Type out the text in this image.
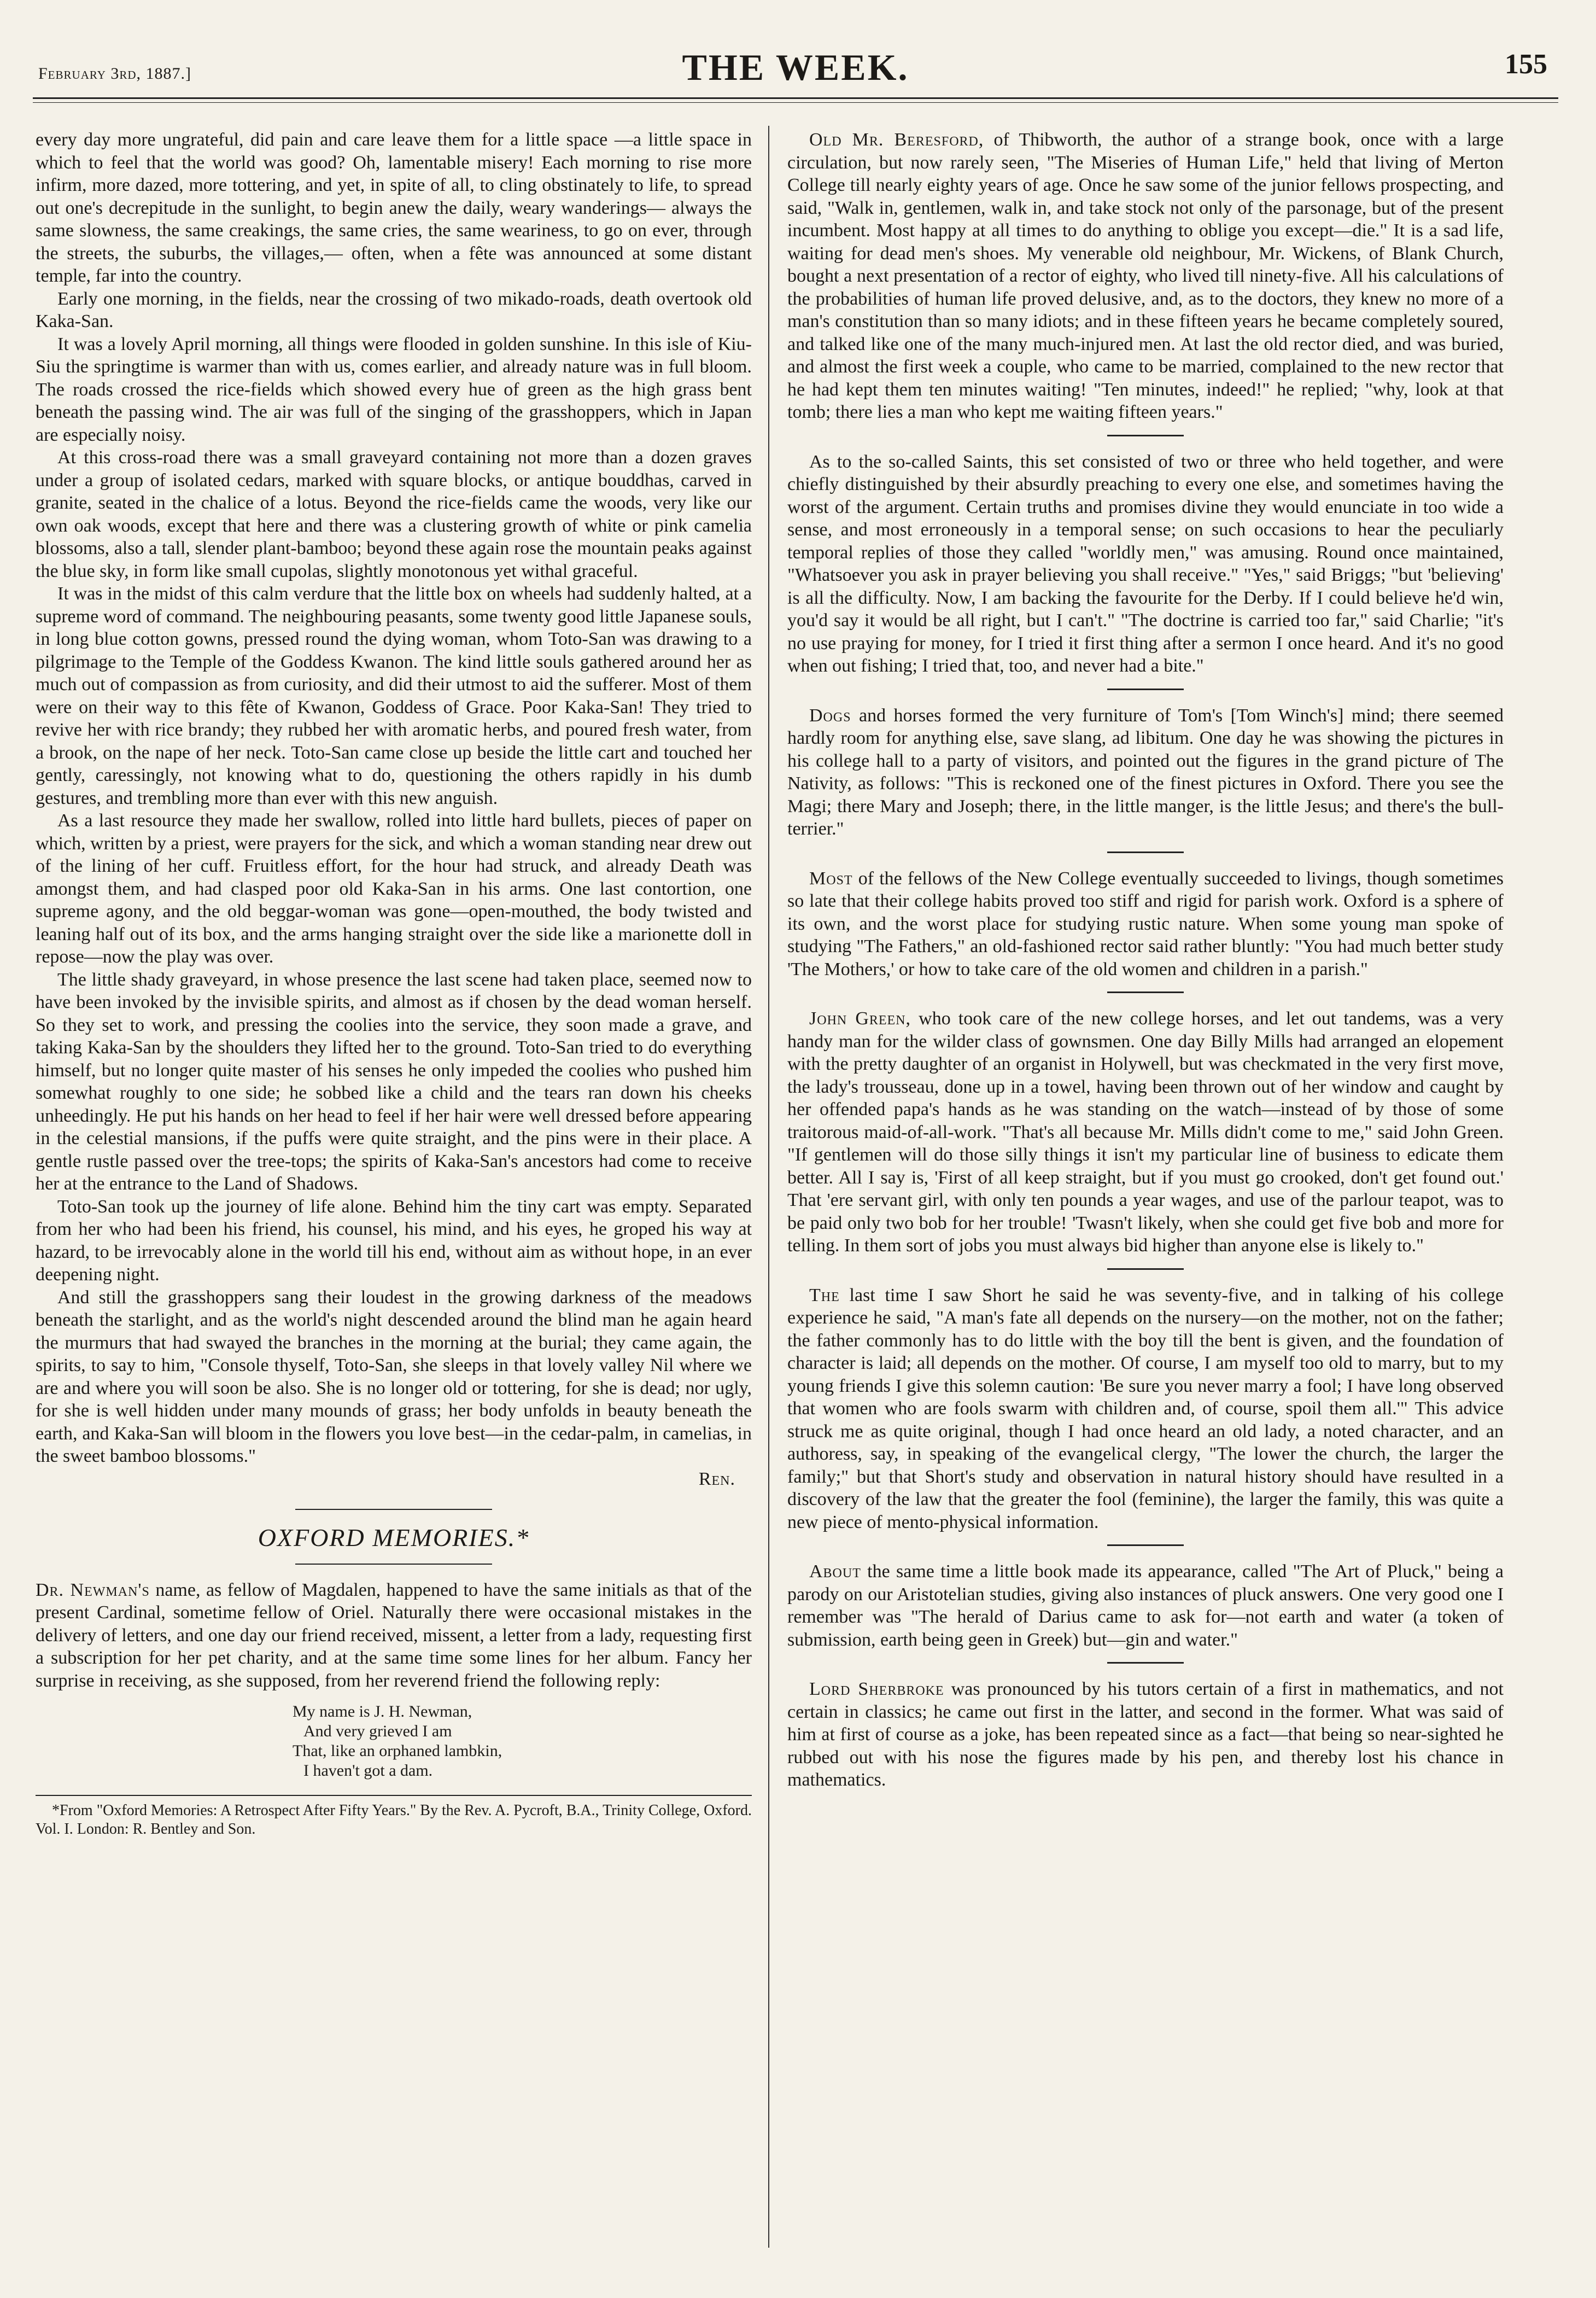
February 3rd, 1887.]	THE WEEK.	155

every day more ungrateful, did pain and care leave them for a little space —a little space in which to feel that the world was good? Oh, lamentable misery! Each morning to rise more infirm, more dazed, more tottering, and yet, in spite of all, to cling obstinately to life, to spread out one's decrepitude in the sunlight, to begin anew the daily, weary wanderings— always the same slowness, the same creakings, the same cries, the same weariness, to go on ever, through the streets, the suburbs, the villages,— often, when a fête was announced at some distant temple, far into the country.

Early one morning, in the fields, near the crossing of two mikado-roads, death overtook old Kaka-San.

It was a lovely April morning, all things were flooded in golden sunshine. In this isle of Kiu-Siu the springtime is warmer than with us, comes earlier, and already nature was in full bloom. The roads crossed the rice-fields which showed every hue of green as the high grass bent beneath the passing wind. The air was full of the singing of the grasshoppers, which in Japan are especially noisy.

At this cross-road there was a small graveyard containing not more than a dozen graves under a group of isolated cedars, marked with square blocks, or antique bouddhas, carved in granite, seated in the chalice of a lotus. Beyond the rice-fields came the woods, very like our own oak woods, except that here and there was a clustering growth of white or pink camelia blossoms, also a tall, slender plant-bamboo; beyond these again rose the mountain peaks against the blue sky, in form like small cupolas, slightly monotonous yet withal graceful.

It was in the midst of this calm verdure that the little box on wheels had suddenly halted, at a supreme word of command. The neighbouring peasants, some twenty good little Japanese souls, in long blue cotton gowns, pressed round the dying woman, whom Toto-San was drawing to a pilgrimage to the Temple of the Goddess Kwanon. The kind little souls gathered around her as much out of compassion as from curiosity, and did their utmost to aid the sufferer. Most of them were on their way to this fête of Kwanon, Goddess of Grace. Poor Kaka-San! They tried to revive her with rice brandy; they rubbed her with aromatic herbs, and poured fresh water, from a brook, on the nape of her neck. Toto-San came close up beside the little cart and touched her gently, caressingly, not knowing what to do, questioning the others rapidly in his dumb gestures, and trembling more than ever with this new anguish.

As a last resource they made her swallow, rolled into little hard bullets, pieces of paper on which, written by a priest, were prayers for the sick, and which a woman standing near drew out of the lining of her cuff. Fruitless effort, for the hour had struck, and already Death was amongst them, and had clasped poor old Kaka-San in his arms. One last contortion, one supreme agony, and the old beggar-woman was gone—open-mouthed, the body twisted and leaning half out of its box, and the arms hanging straight over the side like a marionette doll in repose—now the play was over.

The little shady graveyard, in whose presence the last scene had taken place, seemed now to have been invoked by the invisible spirits, and almost as if chosen by the dead woman herself. So they set to work, and pressing the coolies into the service, they soon made a grave, and taking Kaka-San by the shoulders they lifted her to the ground. Toto-San tried to do everything himself, but no longer quite master of his senses he only impeded the coolies who pushed him somewhat roughly to one side; he sobbed like a child and the tears ran down his cheeks unheedingly. He put his hands on her head to feel if her hair were well dressed before appearing in the celestial mansions, if the puffs were quite straight, and the pins were in their place. A gentle rustle passed over the tree-tops; the spirits of Kaka-San's ancestors had come to receive her at the entrance to the Land of Shadows.

Toto-San took up the journey of life alone. Behind him the tiny cart was empty. Separated from her who had been his friend, his counsel, his mind, and his eyes, he groped his way at hazard, to be irrevocably alone in the world till his end, without aim as without hope, in an ever deepening night.

And still the grasshoppers sang their loudest in the growing darkness of the meadows beneath the starlight, and as the world's night descended around the blind man he again heard the murmurs that had swayed the branches in the morning at the burial; they came again, the spirits, to say to him, "Console thyself, Toto-San, she sleeps in that lovely valley Nil where we are and where you will soon be also. She is no longer old or tottering, for she is dead; nor ugly, for she is well hidden under many mounds of grass; her body unfolds in beauty beneath the earth, and Kaka-San will bloom in the flowers you love best—in the cedar-palm, in camelias, in the sweet bamboo blossoms."

Ren.
OXFORD MEMORIES.*

Dr. Newman's name, as fellow of Magdalen, happened to have the same initials as that of the present Cardinal, sometime fellow of Oriel. Naturally there were occasional mistakes in the delivery of letters, and one day our friend received, missent, a letter from a lady, requesting first a subscription for her pet charity, and at the same time some lines for her album. Fancy her surprise in receiving, as she supposed, from her reverend friend the following reply:

My name is J. H. Newman,
And very grieved I am
That, like an orphaned lambkin,
I haven't got a dam.

*From "Oxford Memories: A Retrospect After Fifty Years." By the Rev. A. Pycroft, B.A., Trinity College, Oxford. Vol. I. London: R. Bentley and Son.

Old Mr. Beresford, of Thibworth, the author of a strange book, once with a large circulation, but now rarely seen, "The Miseries of Human Life," held that living of Merton College till nearly eighty years of age. Once he saw some of the junior fellows prospecting, and said, "Walk in, gentlemen, walk in, and take stock not only of the parsonage, but of the present incumbent. Most happy at all times to do anything to oblige you except—die." It is a sad life, waiting for dead men's shoes. My venerable old neighbour, Mr. Wickens, of Blank Church, bought a next presentation of a rector of eighty, who lived till ninety-five. All his calculations of the probabilities of human life proved delusive, and, as to the doctors, they knew no more of a man's constitution than so many idiots; and in these fifteen years he became completely soured, and talked like one of the many much-injured men. At last the old rector died, and was buried, and almost the first week a couple, who came to be married, complained to the new rector that he had kept them ten minutes waiting! "Ten minutes, indeed!" he replied; "why, look at that tomb; there lies a man who kept me waiting fifteen years."

As to the so-called Saints, this set consisted of two or three who held together, and were chiefly distinguished by their absurdly preaching to every one else, and sometimes having the worst of the argument. Certain truths and promises divine they would enunciate in too wide a sense, and most erroneously in a temporal sense; on such occasions to hear the peculiarly temporal replies of those they called "worldly men," was amusing. Round once maintained, "Whatsoever you ask in prayer believing you shall receive." "Yes," said Briggs; "but 'believing' is all the difficulty. Now, I am backing the favourite for the Derby. If I could believe he'd win, you'd say it would be all right, but I can't." "The doctrine is carried too far," said Charlie; "it's no use praying for money, for I tried it first thing after a sermon I once heard. And it's no good when out fishing; I tried that, too, and never had a bite."

Dogs and horses formed the very furniture of Tom's [Tom Winch's] mind; there seemed hardly room for anything else, save slang, ad libitum. One day he was showing the pictures in his college hall to a party of visitors, and pointed out the figures in the grand picture of The Nativity, as follows: "This is reckoned one of the finest pictures in Oxford. There you see the Magi; there Mary and Joseph; there, in the little manger, is the little Jesus; and there's the bull-terrier."

Most of the fellows of the New College eventually succeeded to livings, though sometimes so late that their college habits proved too stiff and rigid for parish work. Oxford is a sphere of its own, and the worst place for studying rustic nature. When some young man spoke of studying "The Fathers," an old-fashioned rector said rather bluntly: "You had much better study 'The Mothers,' or how to take care of the old women and children in a parish."

John Green, who took care of the new college horses, and let out tandems, was a very handy man for the wilder class of gownsmen. One day Billy Mills had arranged an elopement with the pretty daughter of an organist in Holywell, but was checkmated in the very first move, the lady's trousseau, done up in a towel, having been thrown out of her window and caught by her offended papa's hands as he was standing on the watch—instead of by those of some traitorous maid-of-all-work. "That's all because Mr. Mills didn't come to me," said John Green. "If gentlemen will do those silly things it isn't my particular line of business to edicate them better. All I say is, 'First of all keep straight, but if you must go crooked, don't get found out.' That 'ere servant girl, with only ten pounds a year wages, and use of the parlour teapot, was to be paid only two bob for her trouble! 'Twasn't likely, when she could get five bob and more for telling. In them sort of jobs you must always bid higher than anyone else is likely to."

The last time I saw Short he said he was seventy-five, and in talking of his college experience he said, "A man's fate all depends on the nursery—on the mother, not on the father; the father commonly has to do little with the boy till the bent is given, and the foundation of character is laid; all depends on the mother. Of course, I am myself too old to marry, but to my young friends I give this solemn caution: 'Be sure you never marry a fool; I have long observed that women who are fools swarm with children and, of course, spoil them all.'" This advice struck me as quite original, though I had once heard an old lady, a noted character, and an authoress, say, in speaking of the evangelical clergy, "The lower the church, the larger the family;" but that Short's study and observation in natural history should have resulted in a discovery of the law that the greater the fool (feminine), the larger the family, this was quite a new piece of mento-physical information.

About the same time a little book made its appearance, called "The Art of Pluck," being a parody on our Aristotelian studies, giving also instances of pluck answers. One very good one I remember was "The herald of Darius came to ask for—not earth and water (a token of submission, earth being geen in Greek) but—gin and water."

Lord Sherbroke was pronounced by his tutors certain of a first in mathematics, and not certain in classics; he came out first in the latter, and second in the former. What was said of him at first of course as a joke, has been repeated since as a fact—that being so near-sighted he rubbed out with his nose the figures made by his pen, and thereby lost his chance in mathematics.
